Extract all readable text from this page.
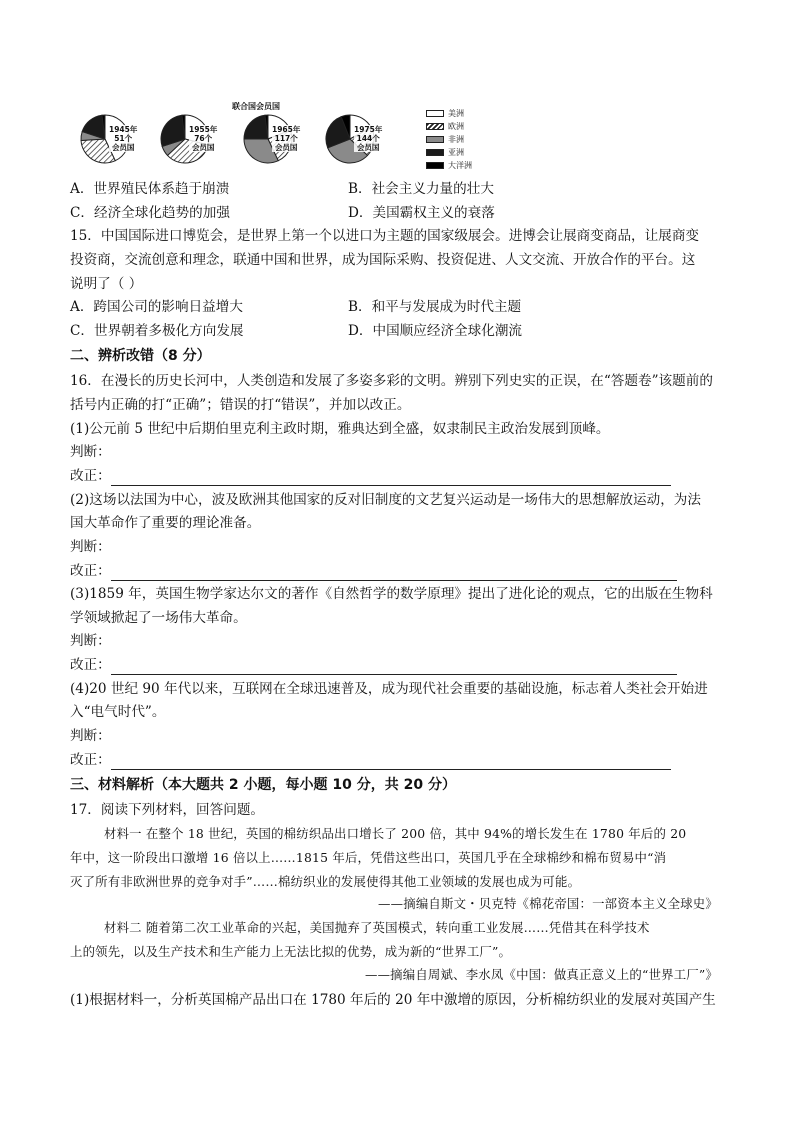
联合国会员国
1945年
51个
会员国
1955年
76个
会员国
1965年
117个
会员国
1975年
144个
会员国
美洲
欧洲
非洲
亚洲
大洋洲
A．世界殖民体系趋于崩溃	B．社会主义力量的壮大
C．经济全球化趋势的加强	D．美国霸权主义的衰落
15．中国国际进口博览会，是世界上第一个以进口为主题的国家级展会。进博会让展商变商品，让展商变
投资商，交流创意和理念，联通中国和世界，成为国际采购、投资促进、人文交流、开放合作的平台。这
说明了（ ）
A．跨国公司的影响日益增大	B．和平与发展成为时代主题
C．世界朝着多极化方向发展	D．中国顺应经济全球化潮流
二、辨析改错（8 分）
16．在漫长的历史长河中，人类创造和发展了多姿多彩的文明。辨别下列史实的正误，在“答题卷”该题前的
括号内正确的打“正确”；错误的打“错误”，并加以改正。
(1)公元前 5 世纪中后期伯里克利主政时期，雅典达到全盛，奴隶制民主政治发展到顶峰。
判断：
改正：
(2)这场以法国为中心，波及欧洲其他国家的反对旧制度的文艺复兴运动是一场伟大的思想解放运动，为法
国大革命作了重要的理论准备。
判断：
改正：
(3)1859 年，英国生物学家达尔文的著作《自然哲学的数学原理》提出了进化论的观点，它的出版在生物科
学领域掀起了一场伟大革命。
判断：
改正：
(4)20 世纪 90 年代以来，互联网在全球迅速普及，成为现代社会重要的基础设施，标志着人类社会开始进
入“电气时代”。
判断：
改正：
三、材料解析（本大题共 2 小题，每小题 10 分，共 20 分）
17．阅读下列材料，回答问题。
材料一 在整个 18 世纪，英国的棉纺织品出口增长了 200 倍，其中 94%的增长发生在 1780 年后的 20
年中，这一阶段出口激增 16 倍以上……1815 年后，凭借这些出口，英国几乎在全球棉纱和棉布贸易中“消
灭了所有非欧洲世界的竞争对手”……棉纺织业的发展使得其他工业领域的发展也成为可能。
——摘编自斯文・贝克特《棉花帝国：一部资本主义全球史》
材料二 随着第二次工业革命的兴起，美国抛弃了英国模式，转向重工业发展……凭借其在科学技术
上的领先，以及生产技术和生产能力上无法比拟的优势，成为新的“世界工厂”。
——摘编自周斌、李水凤《中国：做真正意义上的“世界工厂”》
(1)根据材料一，分析英国棉产品出口在 1780 年后的 20 年中激增的原因，分析棉纺织业的发展对英国产生
